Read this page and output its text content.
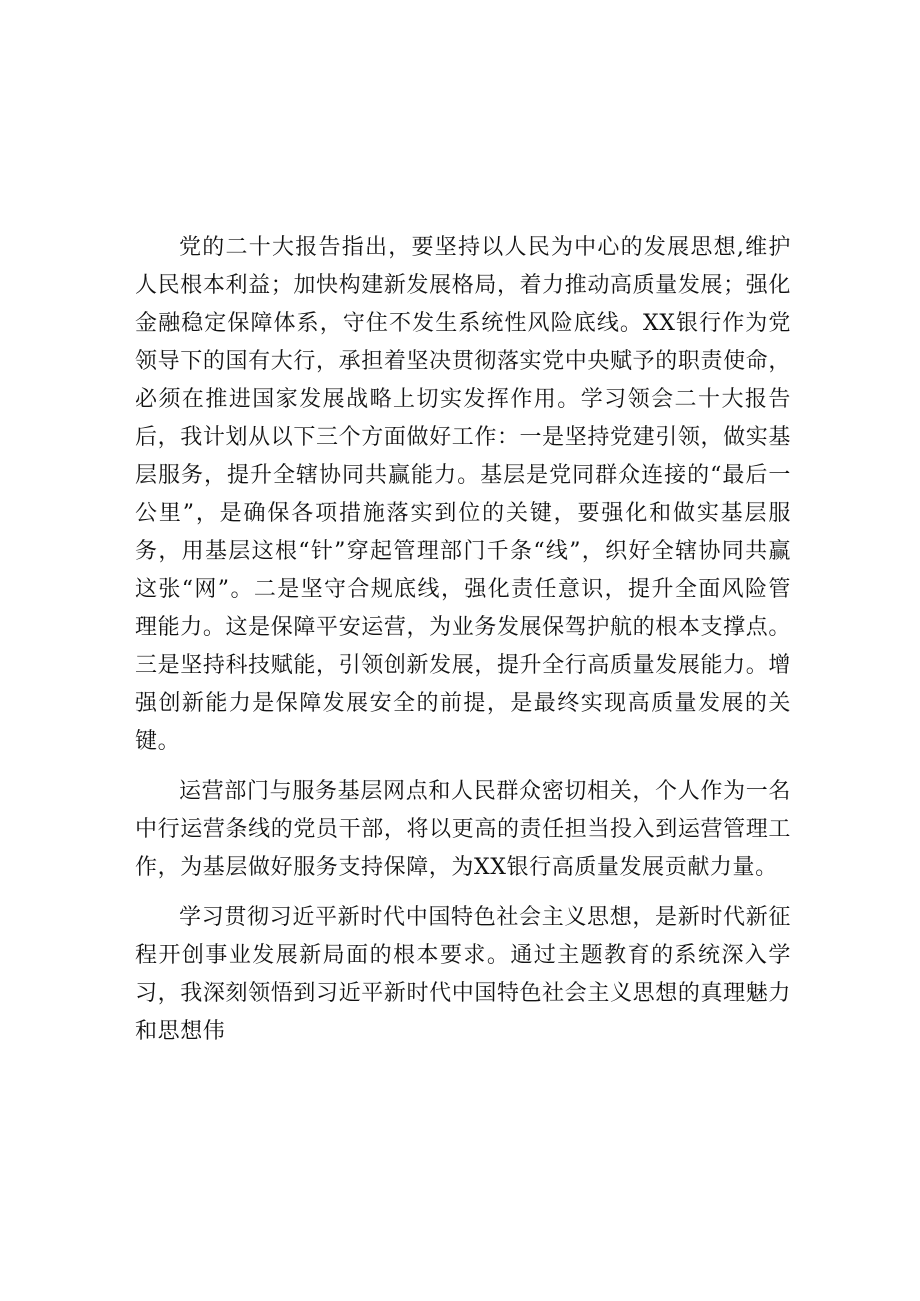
党的二十大报告指出，要坚持以人民为中心的发展思想,维护人民根本利益；加快构建新发展格局，着力推动高质量发展；强化金融稳定保障体系，守住不发生系统性风险底线。XX银行作为党领导下的国有大行，承担着坚决贯彻落实党中央赋予的职责使命，必须在推进国家发展战略上切实发挥作用。学习领会二十大报告后，我计划从以下三个方面做好工作：一是坚持党建引领，做实基层服务，提升全辖协同共赢能力。基层是党同群众连接的“最后一公里”，是确保各项措施落实到位的关键，要强化和做实基层服务，用基层这根“针”穿起管理部门千条“线”，织好全辖协同共赢这张“网”。二是坚守合规底线，强化责任意识，提升全面风险管理能力。这是保障平安运营，为业务发展保驾护航的根本支撑点。三是坚持科技赋能，引领创新发展，提升全行高质量发展能力。增强创新能力是保障发展安全的前提，是最终实现高质量发展的关键。

运营部门与服务基层网点和人民群众密切相关，个人作为一名中行运营条线的党员干部，将以更高的责任担当投入到运营管理工作，为基层做好服务支持保障，为XX银行高质量发展贡献力量。

学习贯彻习近平新时代中国特色社会主义思想，是新时代新征程开创事业发展新局面的根本要求。通过主题教育的系统深入学习，我深刻领悟到习近平新时代中国特色社会主义思想的真理魅力和思想伟
